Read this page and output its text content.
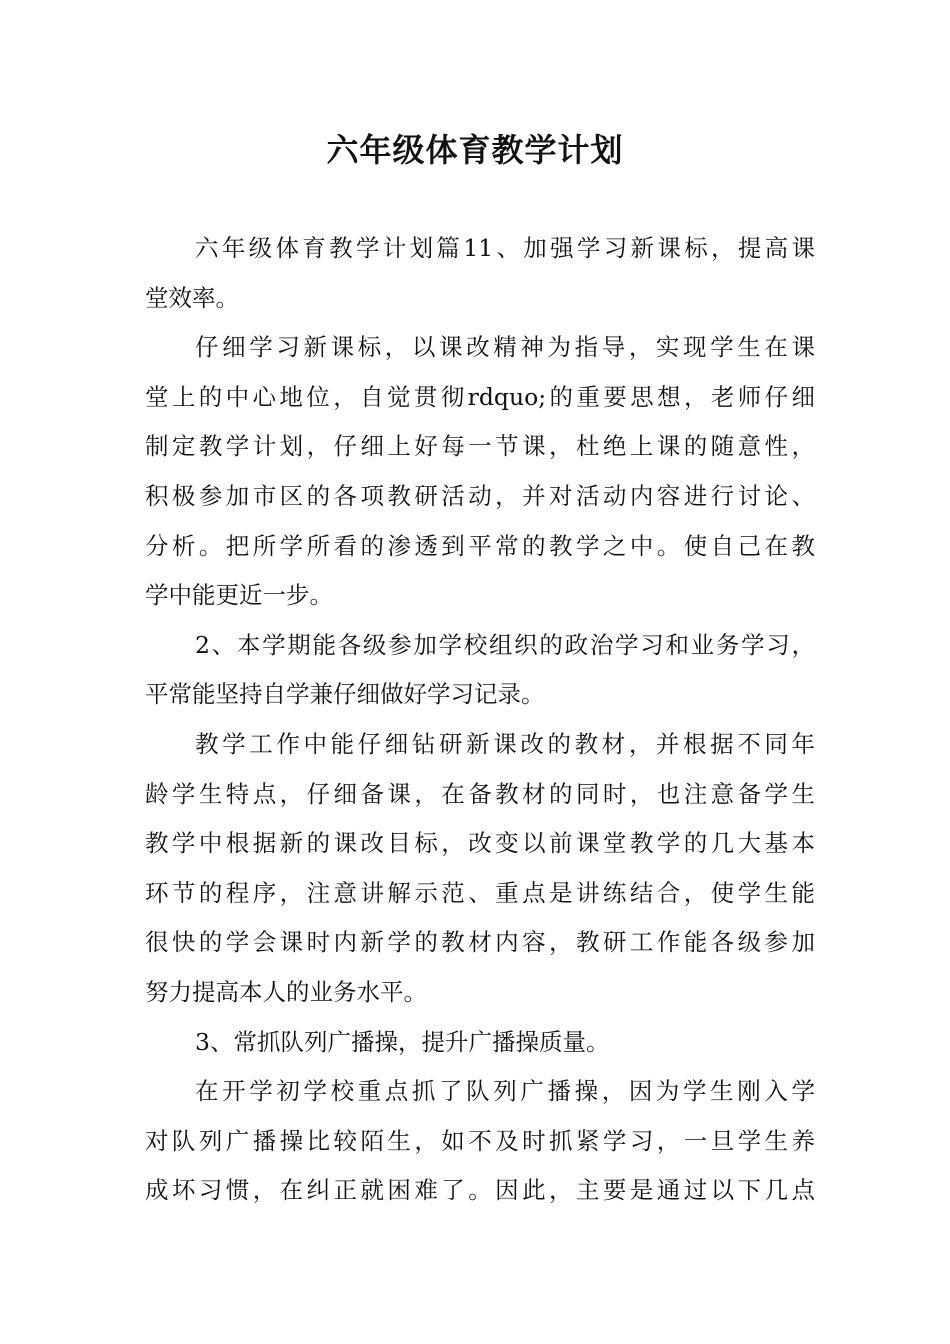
六年级体育教学计划
六年级体育教学计划篇11、加强学习新课标，提高课
堂效率。
仔细学习新课标，以课改精神为指导，实现学生在课
堂上的中心地位，自觉贯彻rdquo;的重要思想，老师仔细
制定教学计划，仔细上好每一节课，杜绝上课的随意性，
积极参加市区的各项教研活动，并对活动内容进行讨论、
分析。把所学所看的渗透到平常的教学之中。使自己在教
学中能更近一步。
2、本学期能各级参加学校组织的政治学习和业务学习，
平常能坚持自学兼仔细做好学习记录。
教学工作中能仔细钻研新课改的教材，并根据不同年
龄学生特点，仔细备课，在备教材的同时，也注意备学生
教学中根据新的课改目标，改变以前课堂教学的几大基本
环节的程序，注意讲解示范、重点是讲练结合，使学生能
很快的学会课时内新学的教材内容，教研工作能各级参加
努力提高本人的业务水平。
3、常抓队列广播操，提升广播操质量。
在开学初学校重点抓了队列广播操，因为学生刚入学
对队列广播操比较陌生，如不及时抓紧学习，一旦学生养
成坏习惯，在纠正就困难了。因此，主要是通过以下几点
